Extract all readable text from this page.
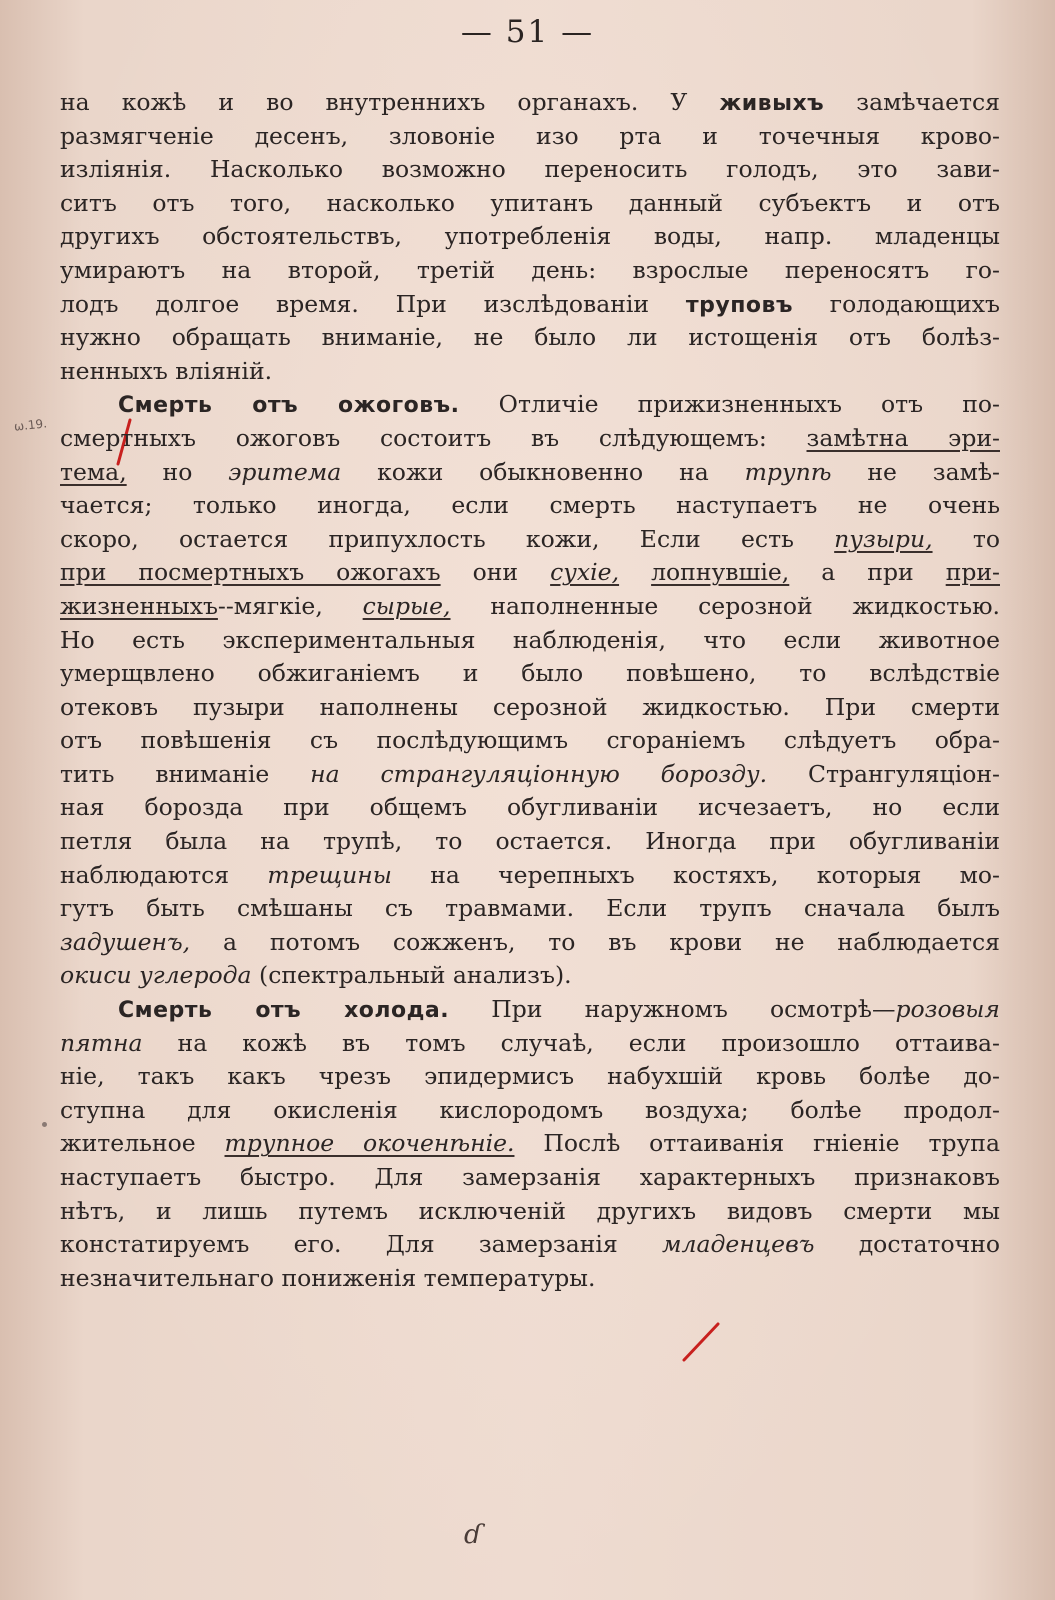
— 51 —
ω.19.
на кожѣ и во внутреннихъ органахъ. У живыхъ замѣчается
размягченіе десенъ, зловоніе изо рта и точечныя крово-
изліянія. Насколько возможно переносить голодъ, это зави-
ситъ отъ того, насколько упитанъ данный субъектъ и отъ
другихъ обстоятельствъ, употребленія воды, напр. младенцы
умираютъ на второй, третій день: взрослые переносятъ го-
лодъ долгое время. При изслѣдованіи труповъ голодающихъ
нужно обращать вниманіе, не было ли истощенія отъ болѣз-
ненныхъ вліяній.
Смерть отъ ожоговъ. Отличіе прижизненныхъ отъ по-
смертныхъ ожоговъ состоитъ въ слѣдующемъ: замѣтна эри-
тема, но эритема кожи обыкновенно на трупѣ не замѣ-
чается; только иногда, если смерть наступаетъ не очень
скоро, остается припухлость кожи, Если есть пузыри, то
при посмертныхъ ожогахъ они сухіе, лопнувшіе, а при при-
жизненныхъ--мягкіе, сырые, наполненные серозной жидкостью.
Но есть экспериментальныя наблюденія, что если животное
умерщвлено обжиганіемъ и было повѣшено, то вслѣдствіе
отековъ пузыри наполнены серозной жидкостью. При смерти
отъ повѣшенія съ послѣдующимъ сгораніемъ слѣдуетъ обра-
тить вниманіе на странгуляціонную борозду. Странгуляціон-
ная борозда при общемъ обугливаніи исчезаетъ, но если
петля была на трупѣ, то остается. Иногда при обугливаніи
наблюдаются трещины на черепныхъ костяхъ, которыя мо-
гутъ быть смѣшаны съ травмами. Если трупъ сначала былъ
задушенъ, а потомъ сожженъ, то въ крови не наблюдается
окиси углерода (спектральный анализъ).
Смерть отъ холода. При наружномъ осмотрѣ—розовыя
пятна на кожѣ въ томъ случаѣ, если произошло оттаива-
ніе, такъ какъ чрезъ эпидермисъ набухшій кровь болѣе до-
ступна для окисленія кислородомъ воздуха; болѣе продол-
жительное трупное окоченѣніе. Послѣ оттаиванія гніеніе трупа
наступаетъ быстро. Для замерзанія характерныхъ признаковъ
нѣтъ, и лишь путемъ исключеній другихъ видовъ смерти мы
констатируемъ его. Для замерзанія младенцевъ достаточно
незначительнаго пониженія температуры.
ɗ
